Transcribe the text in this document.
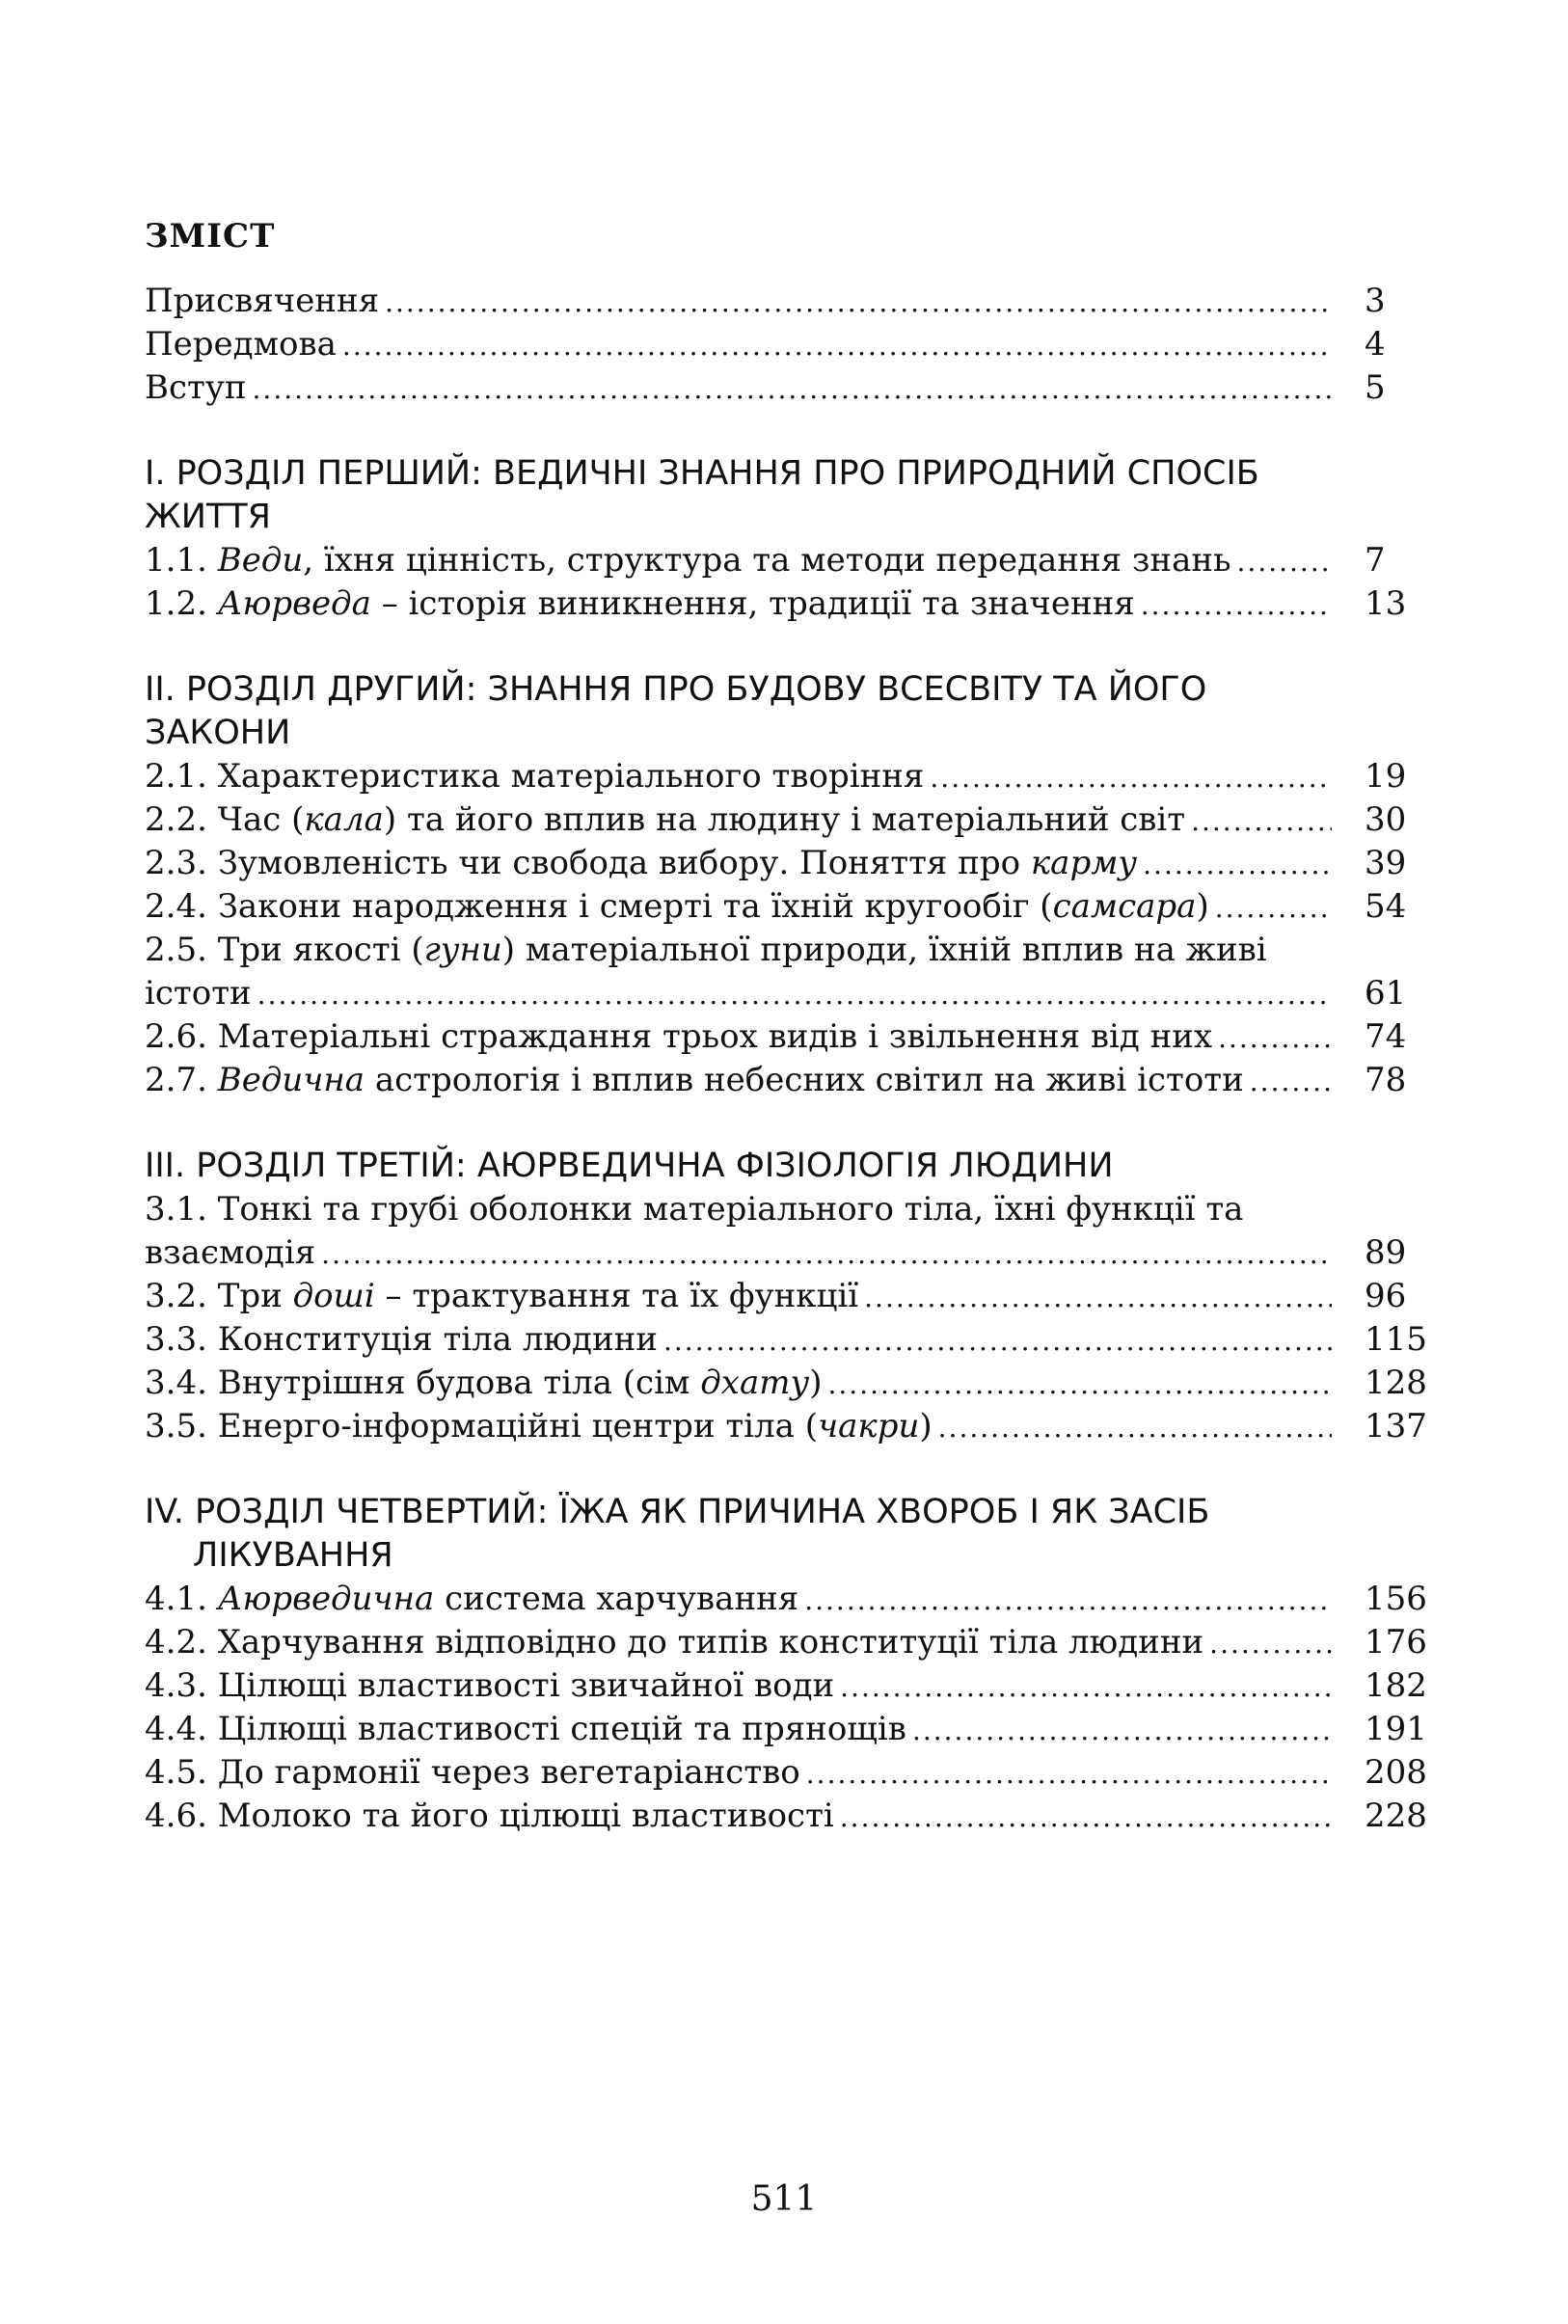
ЗМІСТ
Присвячення .....	3
Передмова .....	4
Вступ .....	5
I. РОЗДІЛ ПЕРШИЙ: ВЕДИЧНІ ЗНАННЯ ПРО ПРИРОДНИЙ СПОСІБ
ЖИТТЯ
1.1. Веди, їхня цінність, структура та методи передання знань .....	7
1.2. Аюрведа – історія виникнення, традиції та значення .....	13
II. РОЗДІЛ ДРУГИЙ: ЗНАННЯ ПРО БУДОВУ ВСЕСВІТУ ТА ЙОГО
ЗАКОНИ
2.1. Характеристика матеріального творіння .....	19
2.2. Час (кала) та його вплив на людину і матеріальний світ .....	30
2.3. Зумовленість чи свобода вибору. Поняття про карму .....	39
2.4. Закони народження і смерті та їхній кругообіг (самсара) .....	54
2.5. Три якості (гуни) матеріальної природи, їхній вплив на живі
істоти .....	61
2.6. Матеріальні страждання трьох видів і звільнення від них .....	74
2.7. Ведична астрологія і вплив небесних світил на живі істоти .....	78
III. РОЗДІЛ ТРЕТІЙ: АЮРВЕДИЧНА ФІЗІОЛОГІЯ ЛЮДИНИ
3.1. Тонкі та грубі оболонки матеріального тіла, їхні функції та
взаємодія .....	89
3.2. Три доші – трактування та їх функції .....	96
3.3. Конституція тіла людини .....	115
3.4. Внутрішня будова тіла (сім дхату) .....	128
3.5. Енерго-інформаційні центри тіла (чакри) .....	137
IV. РОЗДІЛ ЧЕТВЕРТИЙ: ЇЖА ЯК ПРИЧИНА ХВОРОБ І ЯК ЗАСІБ
ЛІКУВАННЯ
4.1. Аюрведична система харчування .....	156
4.2. Харчування відповідно до типів конституції тіла людини .....	176
4.3. Цілющі властивості звичайної води .....	182
4.4. Цілющі властивості спецій та прянощів .....	191
4.5. До гармонії через вегетаріанство .....	208
4.6. Молоко та його цілющі властивості .....	228
511
